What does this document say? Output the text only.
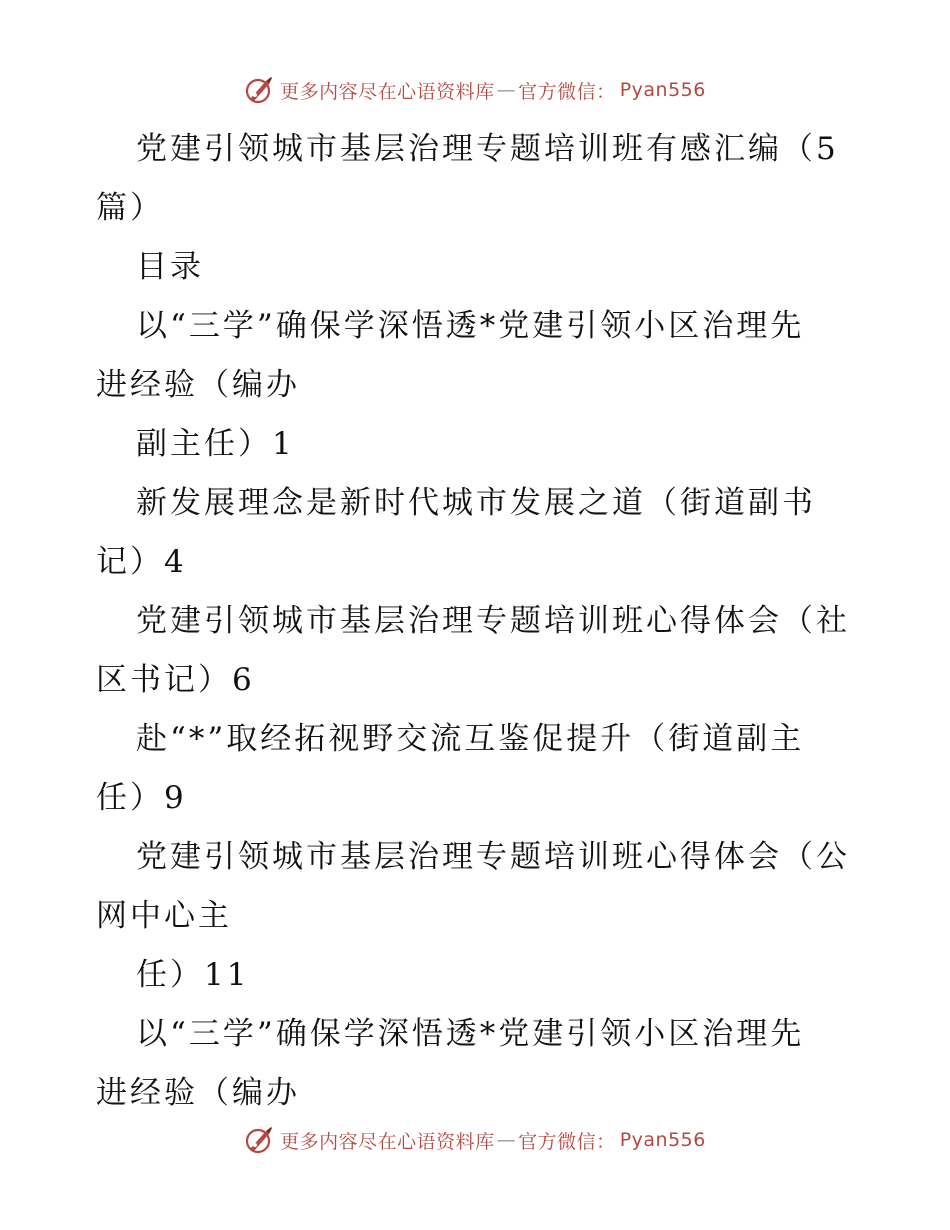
更多内容尽在心语资料库 — 官方微信： Pyan556
党建引领城市基层治理专题培训班有感汇编（5
篇）
目录
以“三学”确保学深悟透*党建引领小区治理先
进经验（编办
副主任）1
新发展理念是新时代城市发展之道（街道副书
记）4
党建引领城市基层治理专题培训班心得体会（社
区书记）6
赴“*”取经拓视野交流互鉴促提升（街道副主
任）9
党建引领城市基层治理专题培训班心得体会（公
网中心主
任）11
以“三学”确保学深悟透*党建引领小区治理先
进经验（编办
更多内容尽在心语资料库 — 官方微信： Pyan556
